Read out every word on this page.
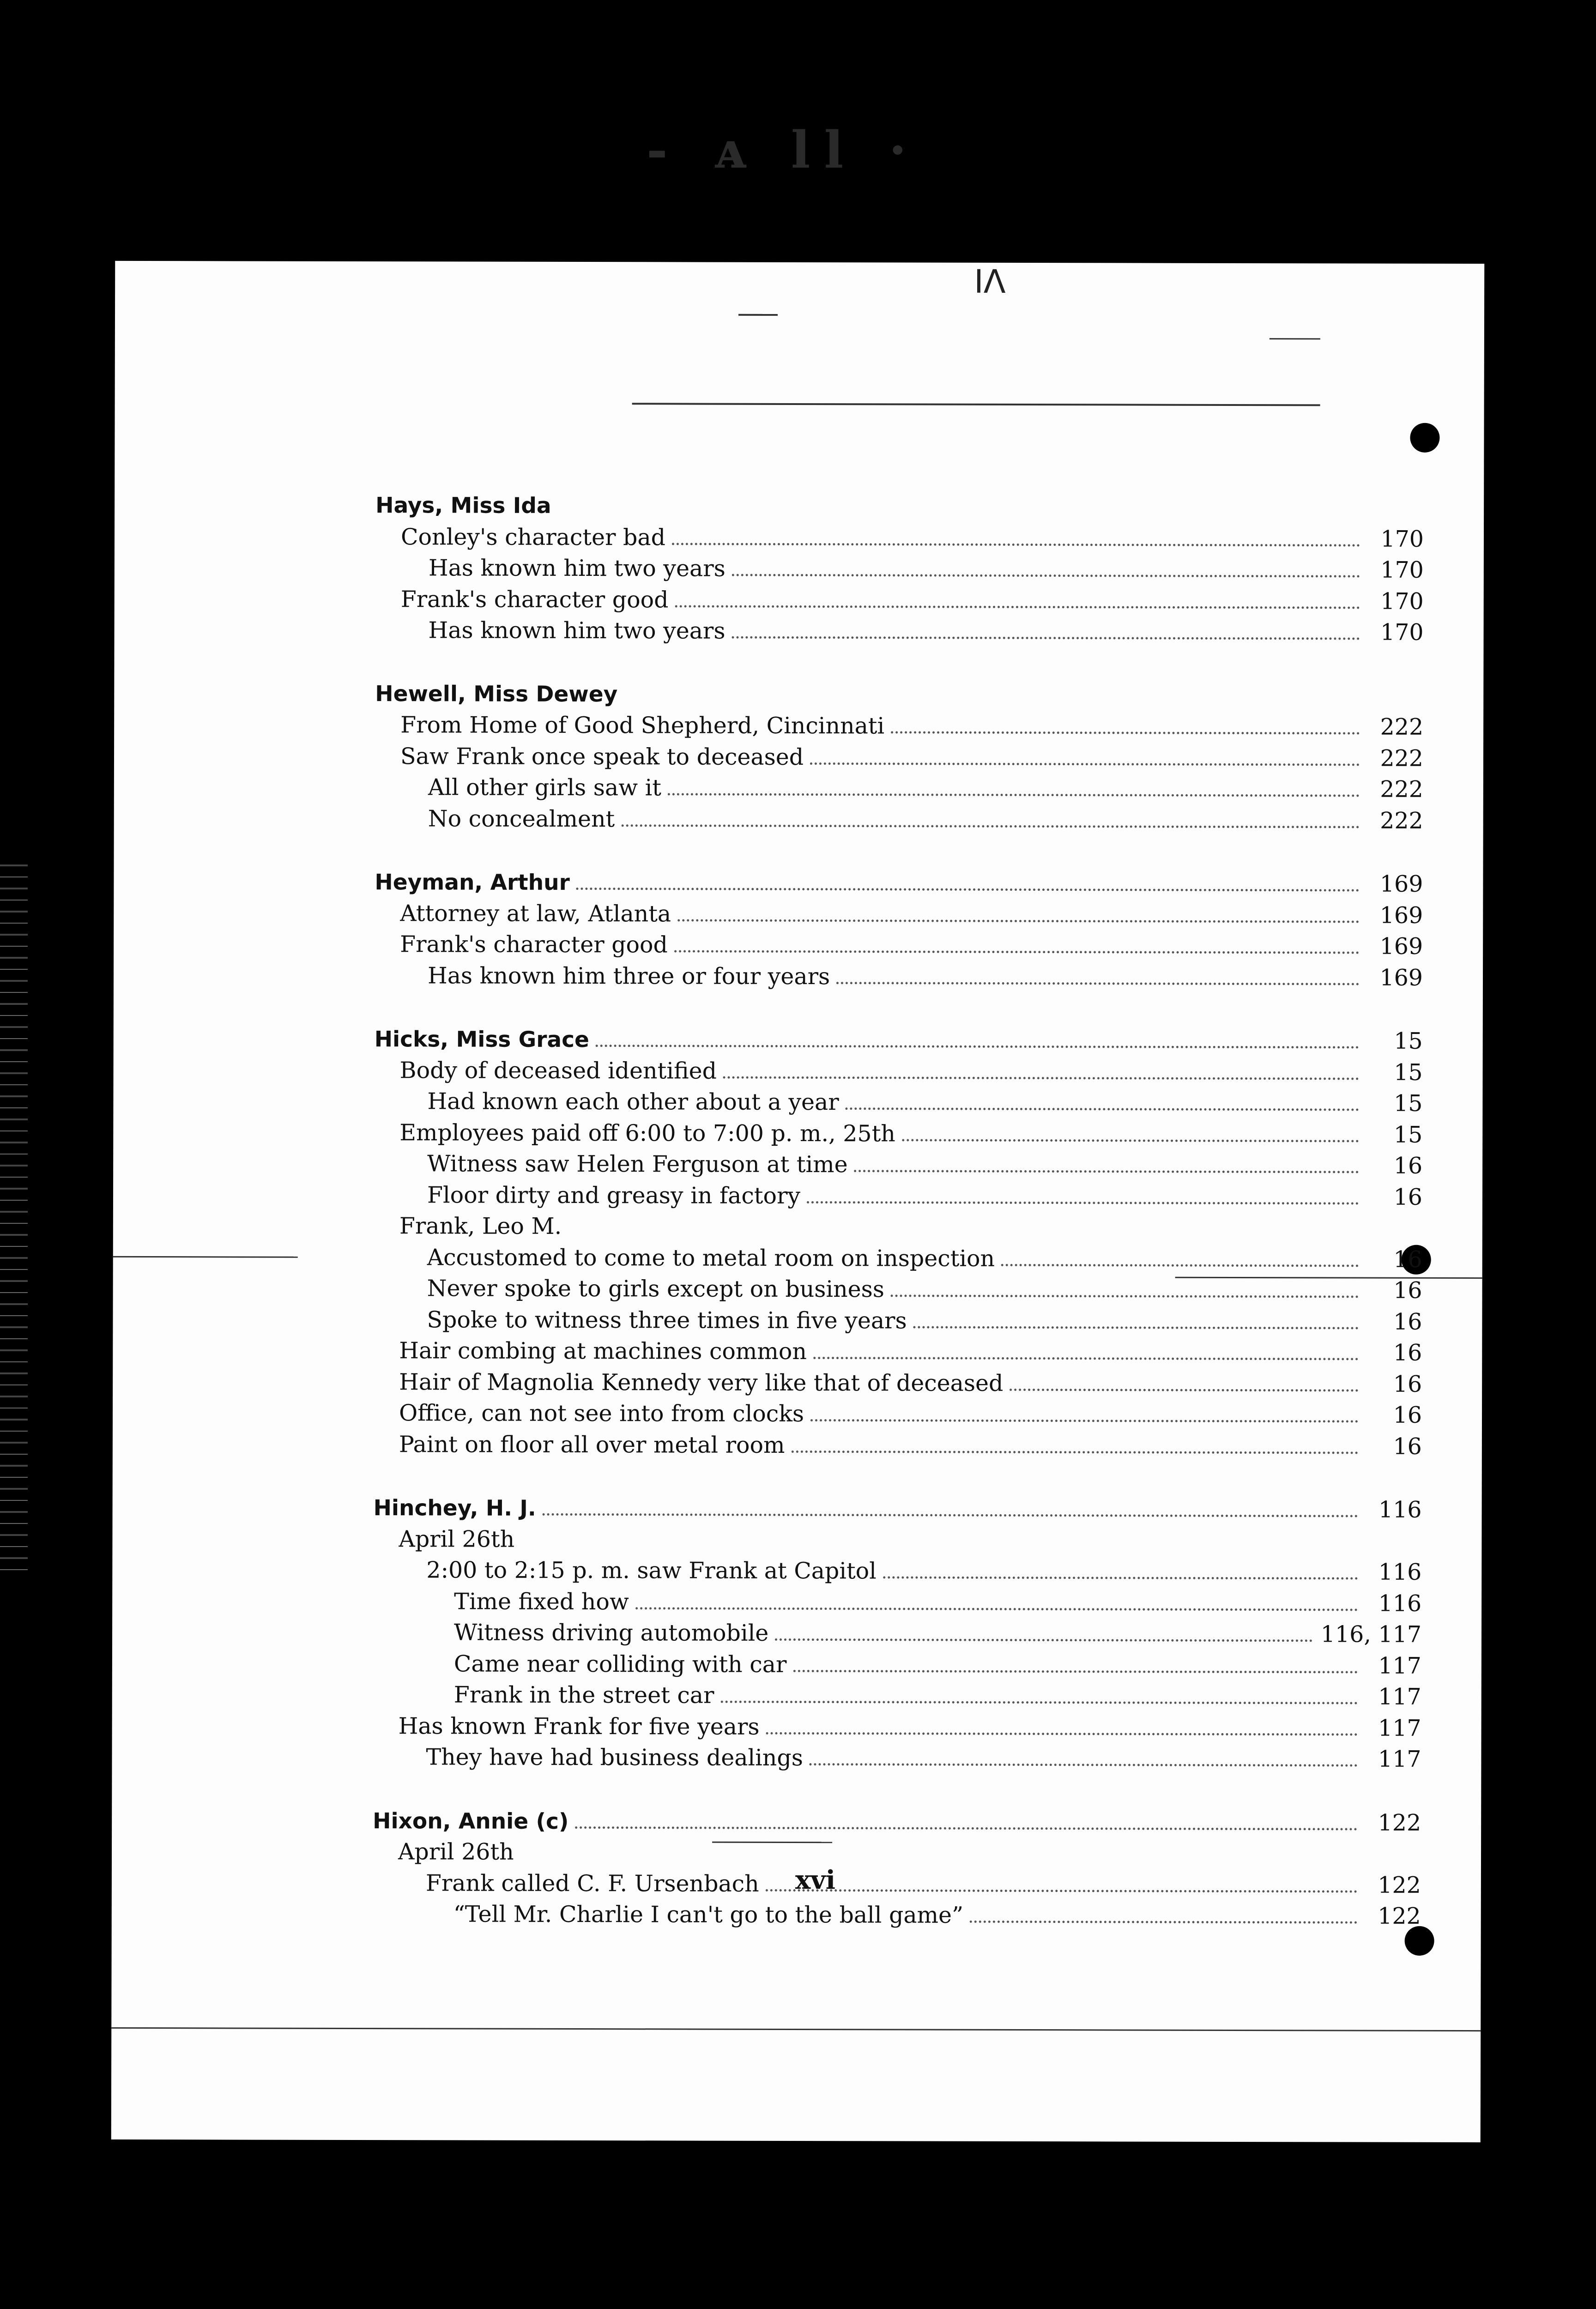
- ᴀ ll ·
ꓲꓥ
Hays, Miss Ida
Conley's character bad	170
Has known him two years	170
Frank's character good	170
Has known him two years	170
Hewell, Miss Dewey
From Home of Good Shepherd, Cincinnati	222
Saw Frank once speak to deceased	222
All other girls saw it	222
No concealment	222
Heyman, Arthur	169
Attorney at law, Atlanta	169
Frank's character good	169
Has known him three or four years	169
Hicks, Miss Grace	15
Body of deceased identified	15
Had known each other about a year	15
Employees paid off 6:00 to 7:00 p. m., 25th	15
Witness saw Helen Ferguson at time	16
Floor dirty and greasy in factory	16
Frank, Leo M.
Accustomed to come to metal room on inspection	16
Never spoke to girls except on business	16
Spoke to witness three times in five years	16
Hair combing at machines common	16
Hair of Magnolia Kennedy very like that of deceased	16
Office, can not see into from clocks	16
Paint on floor all over metal room	16
Hinchey, H. J.	116
April 26th
2:00 to 2:15 p. m. saw Frank at Capitol	116
Time fixed how	116
Witness driving automobile	116, 117
Came near colliding with car	117
Frank in the street car	117
Has known Frank for five years	117
They have had business dealings	117
Hixon, Annie (c)	122
April 26th
Frank called C. F. Ursenbach	122
“Tell Mr. Charlie I can't go to the ball game”	122
xvi
